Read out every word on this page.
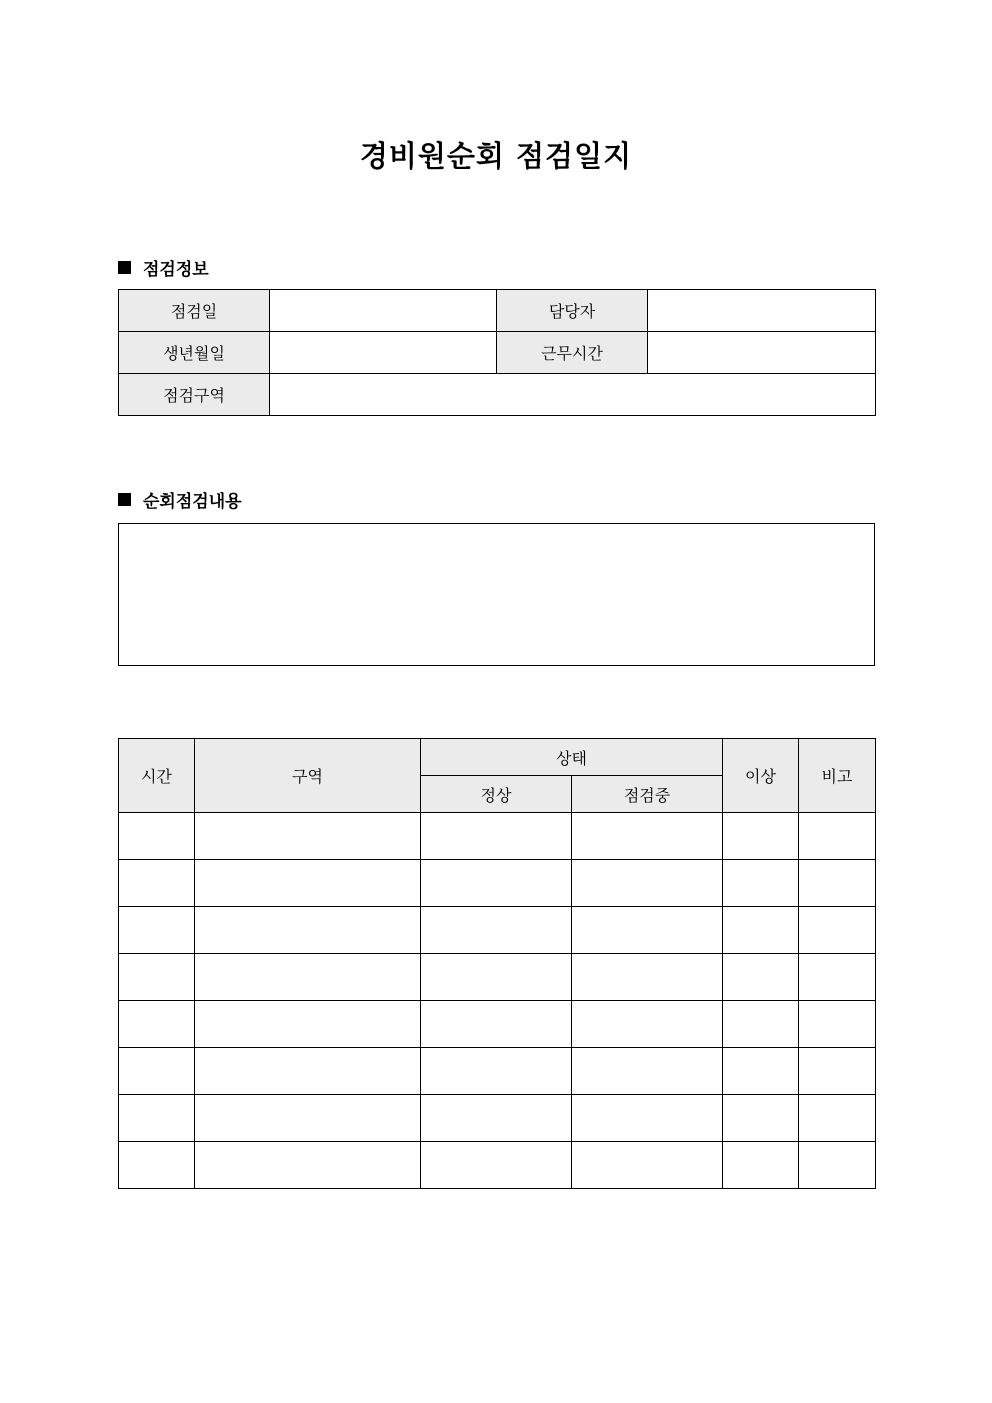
경비원순회 점검일지
점검정보
점검일		담당자	
생년월일		근무시간	
점검구역			
순회점검내용
시간	구역	상태		이상	비고
		정상	점검중		
